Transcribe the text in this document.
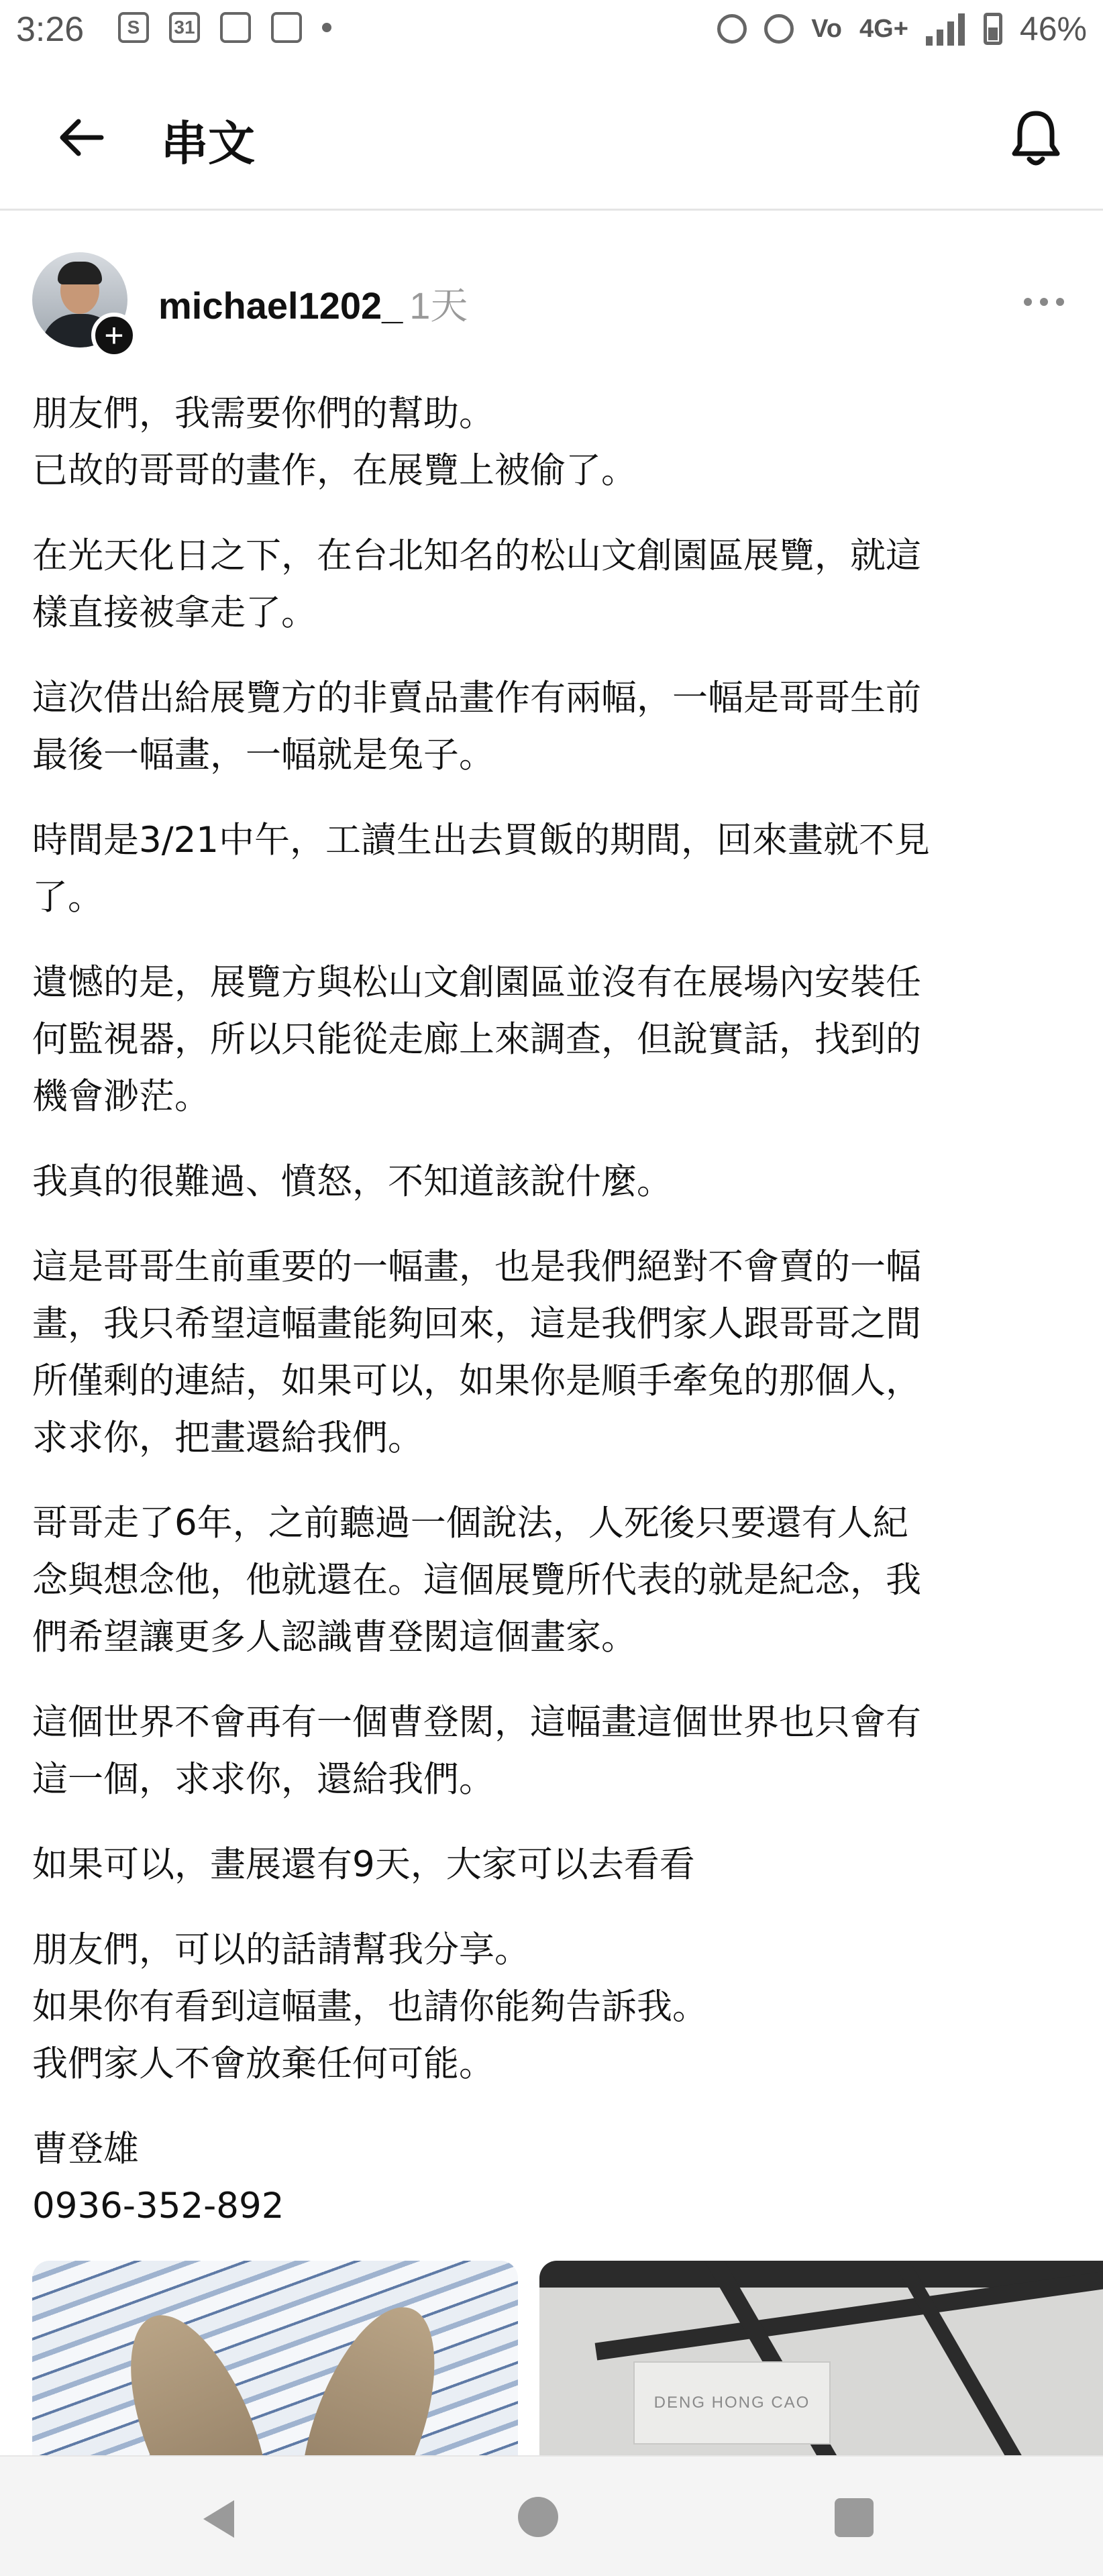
3:26	S	31	Vo 4G+	46%
串文
+
michael1202_ 1天

朋友們，我需要你們的幫助。
已故的哥哥的畫作，在展覽上被偷了。

在光天化日之下，在台北知名的松山文創園區展覽，就這
樣直接被拿走了。

這次借出給展覽方的非賣品畫作有兩幅，一幅是哥哥生前
最後一幅畫，一幅就是兔子。

時間是3/21中午，工讀生出去買飯的期間，回來畫就不見
了。

遺憾的是，展覽方與松山文創園區並沒有在展場內安裝任
何監視器，所以只能從走廊上來調查，但說實話，找到的
機會渺茫。

我真的很難過、憤怒，不知道該說什麼。

這是哥哥生前重要的一幅畫，也是我們絕對不會賣的一幅
畫，我只希望這幅畫能夠回來，這是我們家人跟哥哥之間
所僅剩的連結，如果可以，如果你是順手牽兔的那個人，
求求你，把畫還給我們。

哥哥走了6年，之前聽過一個說法，人死後只要還有人紀
念與想念他，他就還在。這個展覽所代表的就是紀念，我
們希望讓更多人認識曹登閎這個畫家。

這個世界不會再有一個曹登閎，這幅畫這個世界也只會有
這一個，求求你，還給我們。

如果可以，畫展還有9天，大家可以去看看

朋友們，可以的話請幫我分享。
如果你有看到這幅畫，也請你能夠告訴我。
我們家人不會放棄任何可能。

曹登雄
0936-352-892

DENG HONG CAO
